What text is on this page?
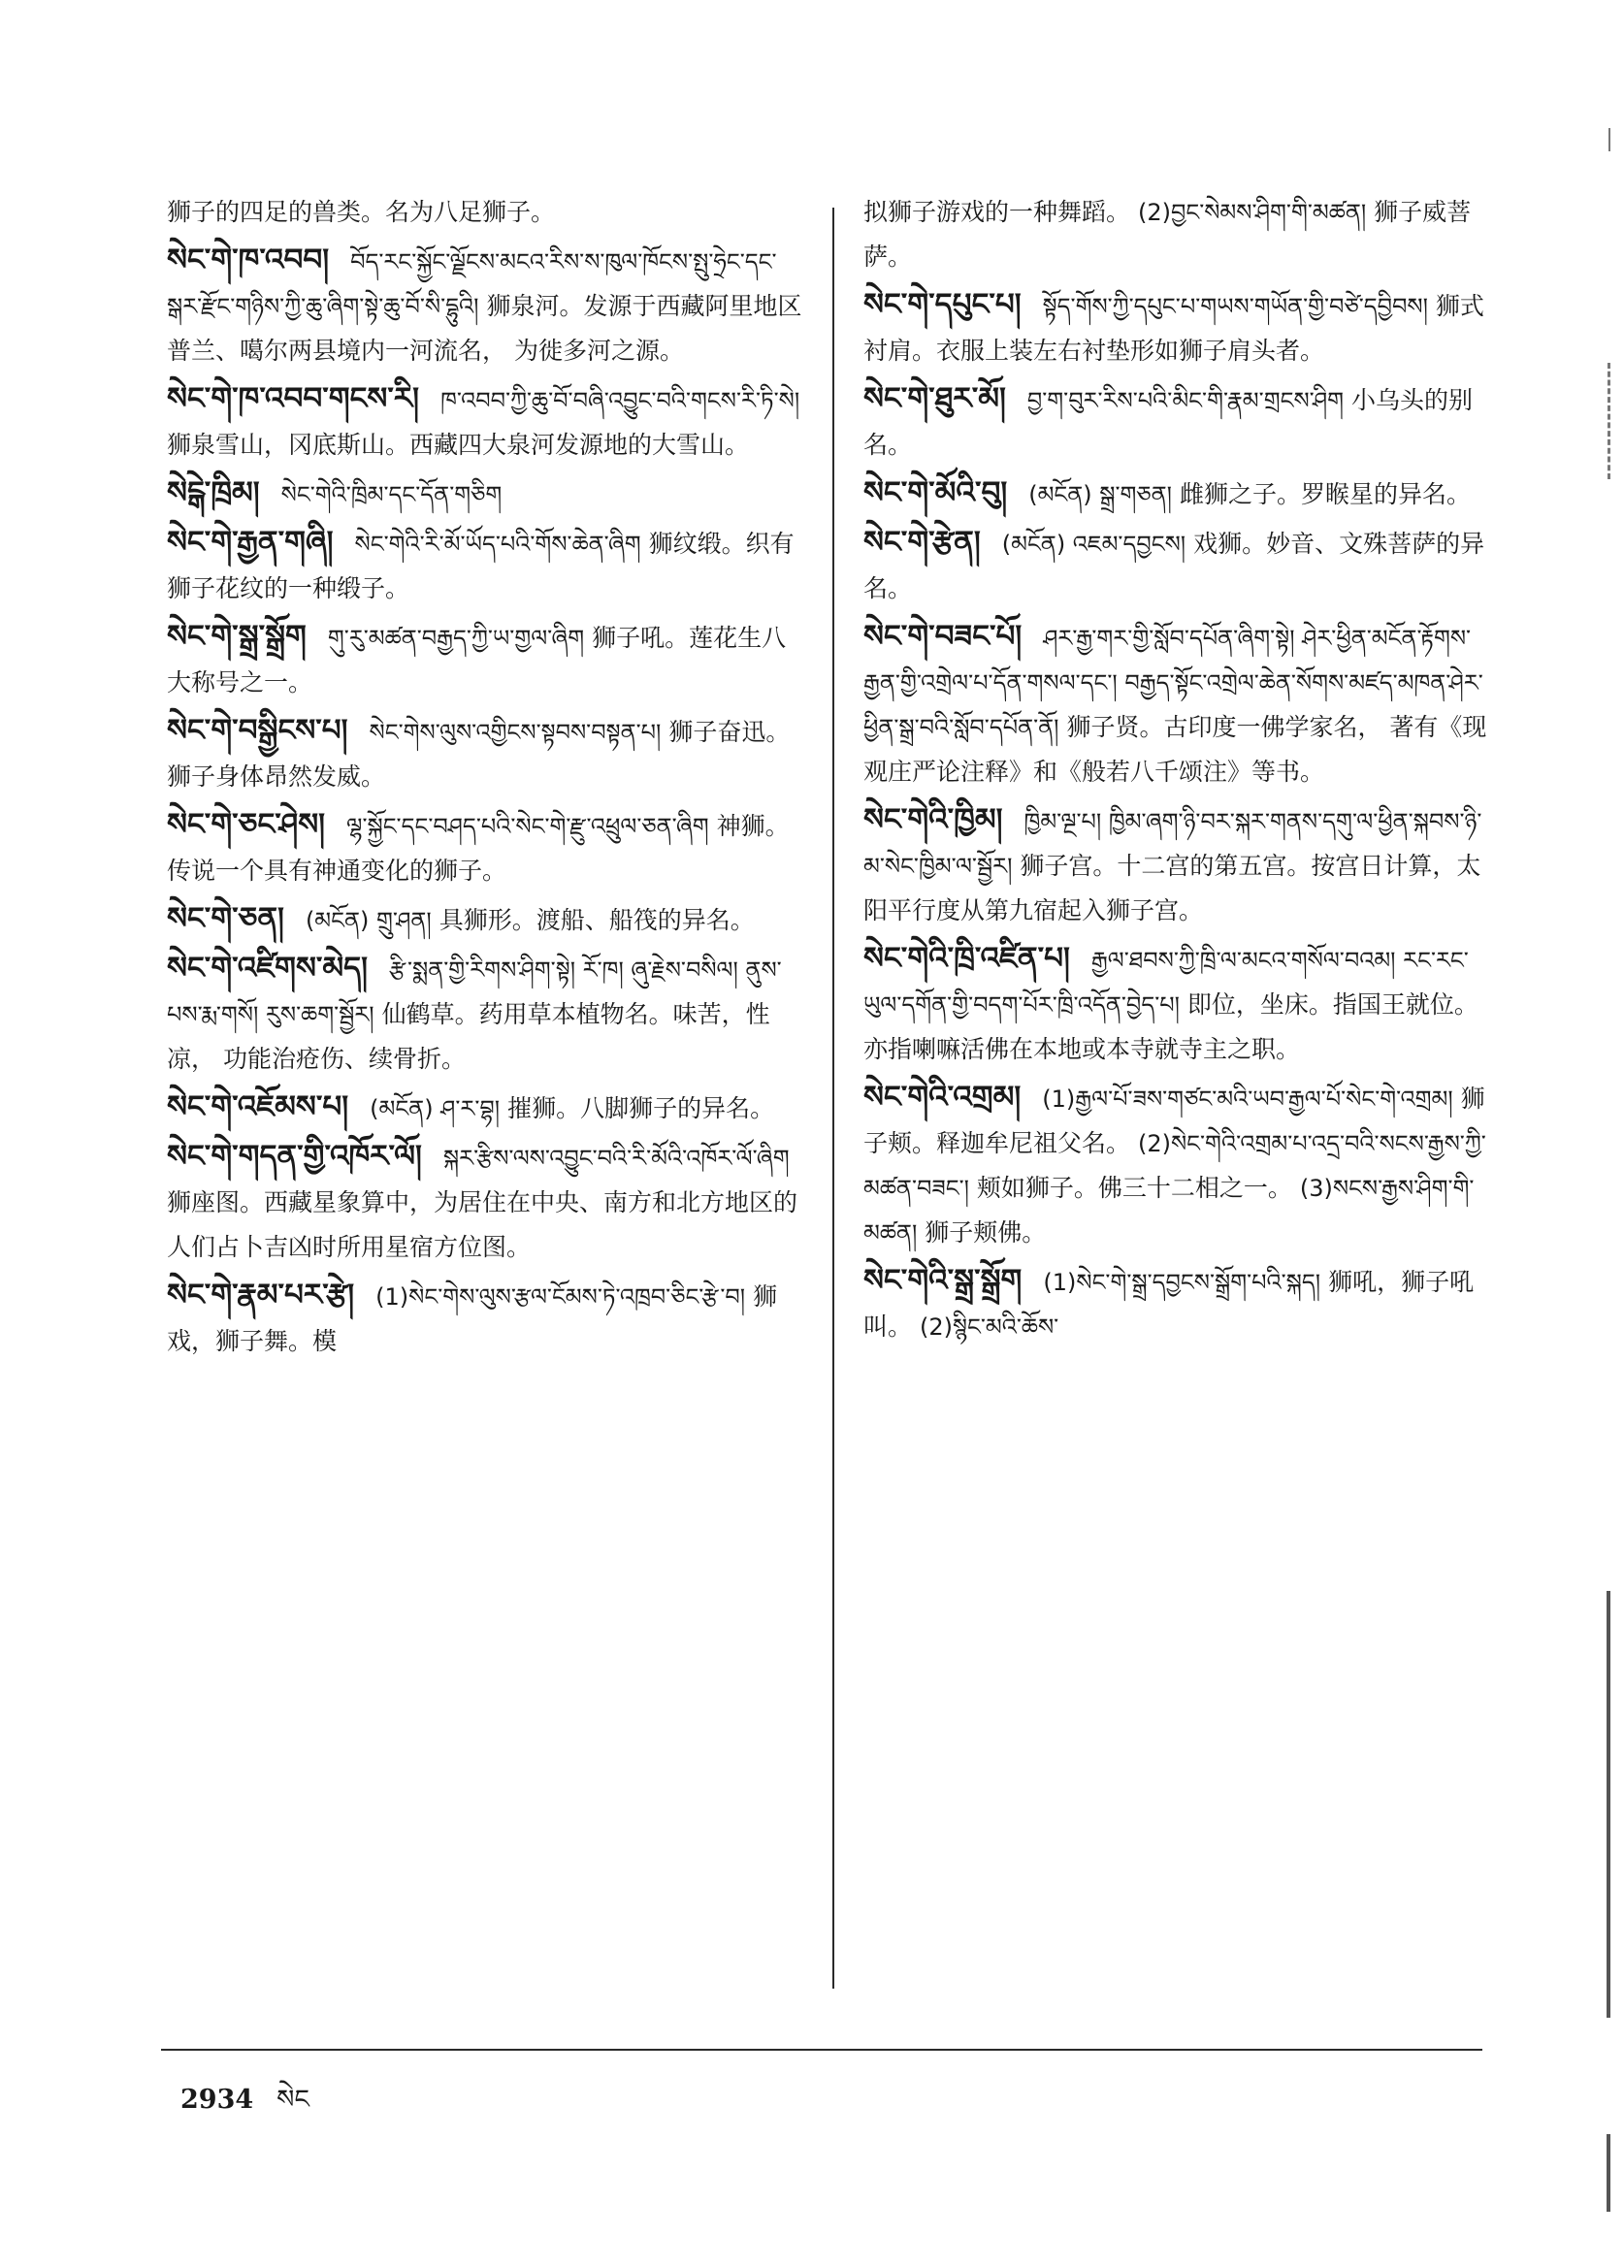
狮子的四足的兽类。名为八足狮子。

སེང་གེ་ཁ་འབབ། བོད་རང་སྐྱོང་ལྗོངས་མངའ་རིས་ས་ཁུལ་ཁོངས་སྤུ་ཧྲེང་དང་སྒར་རྫོང་གཉིས་ཀྱི་ཆུ་ཞིག་སྟེ་ཆུ་བོ་སི་དྷུའི། 狮泉河。发源于西藏阿里地区普兰、噶尔两县境内一河流名， 为徙多河之源。

སེང་གེ་ཁ་འབབ་གངས་རི། ཁ་འབབ་ཀྱི་ཆུ་བོ་བཞི་འབྱུང་བའི་གངས་རི་ཏི་སེ། 狮泉雪山，冈底斯山。西藏四大泉河发源地的大雪山。

སེངྒེ་ཁྲིམ། སེང་གེའི་ཁྲིམ་དང་དོན་གཅིག

སེང་གེ་རྒྱན་གཞི། སེང་གེའི་རི་མོ་ཡོད་པའི་གོས་ཆེན་ཞིག 狮纹缎。织有狮子花纹的一种缎子。

སེང་གེ་སྒྲ་སྒྲོག གུ་རུ་མཚན་བརྒྱད་ཀྱི་ཡ་གྱལ་ཞིག 狮子吼。莲花生八大称号之一。

སེང་གེ་བསྒྱིངས་པ། སེང་གེས་ལུས་འགྱིངས་སྟབས་བསྟན་པ། 狮子奋迅。狮子身体昂然发威。

སེང་གེ་ཅང་ཤེས། ལྷ་སྐྱོང་དང་བཤད་པའི་སེང་གེ་རྫུ་འཕྲུལ་ཅན་ཞིག 神狮。传说一个具有神通变化的狮子。

སེང་གེ་ཅན། (མངོན) གྲུ་ཤན། 具狮形。渡船、船筏的异名。

སེང་གེ་འཛིགས་མེད། རྩི་སྨན་གྱི་རིགས་ཤིག་སྟེ། རོ་ཁ། ཞུ་རྗེས་བསིལ། ནུས་པས་རྨ་གསོ། རུས་ཆག་སྦྱོར། 仙鹤草。药用草本植物名。味苦，性凉， 功能治疮伤、续骨折。

སེང་གེ་འཇོམས་པ། (མངོན) ཤ་ར་བྷ། 摧狮。八脚狮子的异名。

སེང་གེ་གདན་གྱི་འཁོར་ལོ། སྐར་རྩིས་ལས་འབྱུང་བའི་རི་མོའི་འཁོར་ལོ་ཞིག 狮座图。西藏星象算中，为居住在中央、南方和北方地区的人们占卜吉凶时所用星宿方位图。

སེང་གེ་རྣམ་པར་རྩེ། (1)སེང་གེས་ལུས་རྩལ་ངོམས་ཏེ་འཁྲབ་ཅིང་རྩེ་བ། 狮戏，狮子舞。模

拟狮子游戏的一种舞蹈。 (2)བྱང་སེམས་ཤིག་གི་མཚན། 狮子威菩萨。

སེང་གེ་དཔུང་པ། སྟོད་གོས་ཀྱི་དཔུང་པ་གཡས་གཡོན་གྱི་བཙེ་དབྱིབས། 狮式衬肩。衣服上装左右衬垫形如狮子肩头者。

སེང་གེ་ཐུར་མོ། བྱ་ག་བུར་རིས་པའི་མིང་གི་རྣམ་གྲངས་ཤིག 小乌头的别名。

སེང་གེ་མོའི་བུ། (མངོན) སྒྲ་གཅན། 雌狮之子。罗睺星的异名。

སེང་གེ་རྩེན། (མངོན) འཇམ་དབྱངས། 戏狮。妙音、文殊菩萨的异名。

སེང་གེ་བཟང་པོ། ཤར་རྒྱ་གར་གྱི་སློབ་དཔོན་ཞིག་སྟེ། ཤེར་ཕྱིན་མངོན་རྟོགས་རྒྱན་གྱི་འགྲེལ་པ་དོན་གསལ་དང་། བརྒྱད་སྟོང་འགྲེལ་ཆེན་སོགས་མཛད་མཁན་ཤེར་ཕྱིན་སྒྲ་བའི་སློབ་དཔོན་ནོ། 狮子贤。古印度一佛学家名， 著有《现观庄严论注释》和《般若八千颂注》等书。

སེང་གེའི་ཁྱིམ། ཁྱིམ་ལྔ་པ། ཁྱིམ་ཞག་ཉི་བར་སྐར་གནས་དགུ་ལ་ཕྱིན་སྐབས་ཉི་མ་སེང་ཁྱིམ་ལ་སྦྱོར། 狮子宫。十二宫的第五宫。按宫日计算，太阳平行度从第九宿起入狮子宫。

སེང་གེའི་ཁྲི་འཛིན་པ། རྒྱལ་ཐབས་ཀྱི་ཁྲི་ལ་མངའ་གསོལ་བའམ། རང་རང་ཡུལ་དགོན་གྱི་བདག་པོར་ཁྲི་འདོན་བྱེད་པ། 即位，坐床。指国王就位。 亦指喇嘛活佛在本地或本寺就寺主之职。

སེང་གེའི་འགྲམ། (1)རྒྱལ་པོ་ཟས་གཙང་མའི་ཡབ་རྒྱལ་པོ་སེང་གེ་འགྲམ། 狮子颊。释迦牟尼祖父名。 (2)སེང་གེའི་འགྲམ་པ་འདྲ་བའི་སངས་རྒྱས་ཀྱི་མཚན་བཟང་། 颊如狮子。佛三十二相之一。 (3)སངས་རྒྱས་ཤིག་གི་མཚན། 狮子颊佛。

སེང་གེའི་སྒྲ་སྒྲོག (1)སེང་གེ་སྒྲ་དབྱངས་སྒྲོག་པའི་སྐད། 狮吼，狮子吼叫。 (2)སྙིང་མའི་ཆོས་

2934 སེང
